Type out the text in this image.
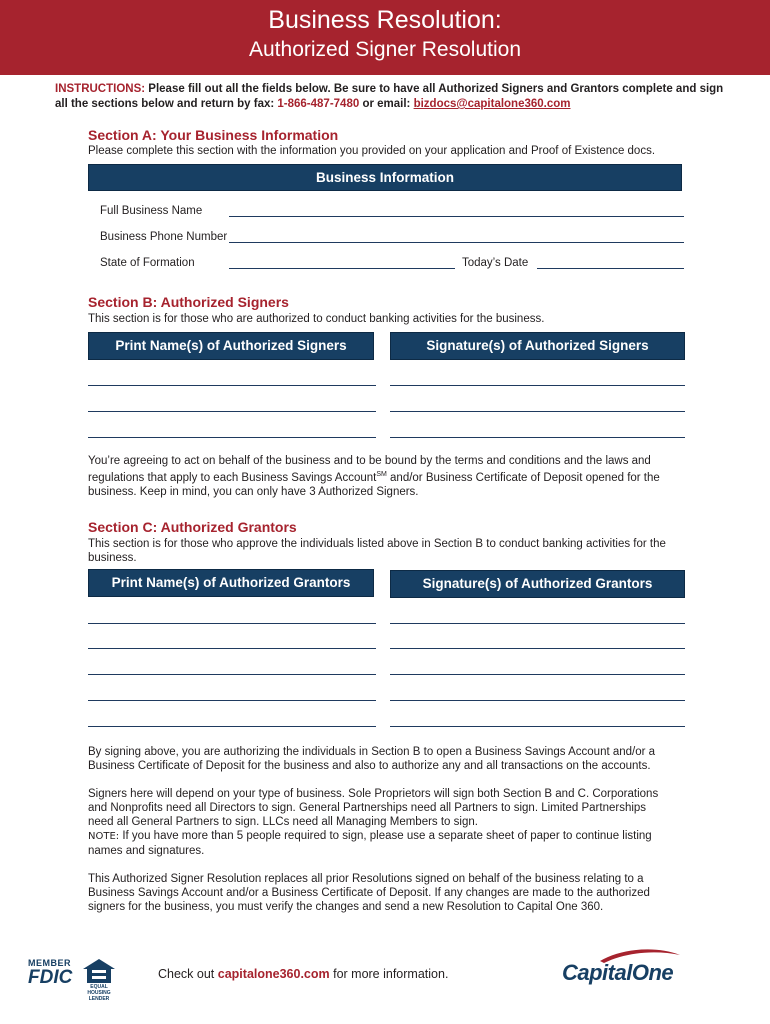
Business Resolution:
Authorized Signer Resolution
INSTRUCTIONS: Please fill out all the fields below. Be sure to have all Authorized Signers and Grantors complete and sign all the sections below and return by fax: 1-866-487-7480 or email: bizdocs@capitalone360.com
Section A: Your Business Information
Please complete this section with the information you provided on your application and Proof of Existence docs.
Business Information
Full Business Name
Business Phone Number
State of Formation	Today’s Date
Section B: Authorized Signers
This section is for those who are authorized to conduct banking activities for the business.
Print Name(s) of Authorized Signers	Signature(s) of Authorized Signers
You’re agreeing to act on behalf of the business and to be bound by the terms and conditions and the laws and regulations that apply to each Business Savings Account℠ and/or Business Certificate of Deposit opened for the business. Keep in mind, you can only have 3 Authorized Signers.
Section C: Authorized Grantors
This section is for those who approve the individuals listed above in Section B to conduct banking activities for the business.
Print Name(s) of Authorized Grantors	Signature(s) of Authorized Grantors
By signing above, you are authorizing the individuals in Section B to open a Business Savings Account and/or a Business Certificate of Deposit for the business and also to authorize any and all transactions on the accounts.
Signers here will depend on your type of business. Sole Proprietors will sign both Section B and C. Corporations and Nonprofits need all Directors to sign. General Partnerships need all Partners to sign. Limited Partnerships need all General Partners to sign. LLCs need all Managing Members to sign.
NOTE: If you have more than 5 people required to sign, please use a separate sheet of paper to continue listing names and signatures.
This Authorized Signer Resolution replaces all prior Resolutions signed on behalf of the business relating to a Business Savings Account and/or a Business Certificate of Deposit. If any changes are made to the authorized signers for the business, you must verify the changes and send a new Resolution to Capital One 360.
MEMBER
FDIC	EQUAL HOUSING LENDER
Check out capitalone360.com for more information.	CapitalOne
